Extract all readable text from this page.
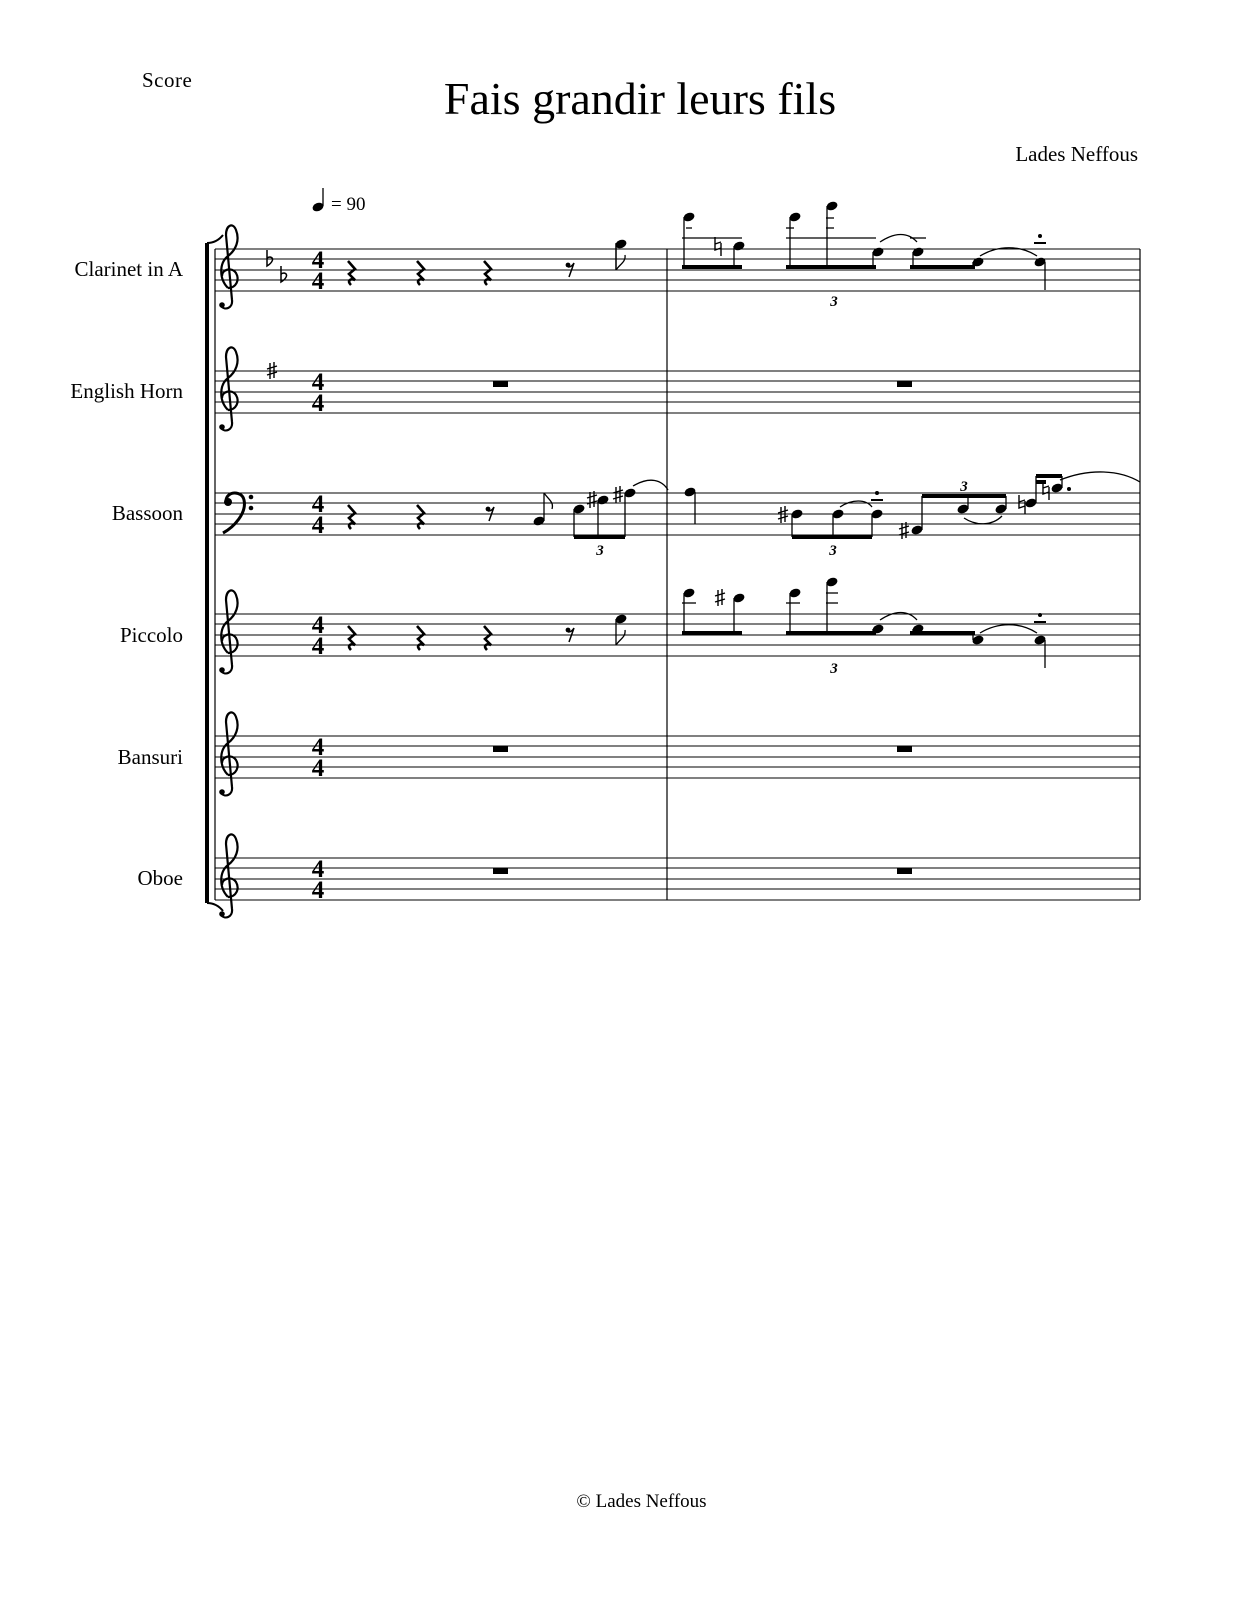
Score	Fais grandir leurs fils
Lades Neffous
Clarinet in A
English Horn
Bassoon
Piccolo
Bansuri
Oboe
4
4
4
4
4
4
4
4
4
4
4
4
= 90
3
3	3
3
3
© Lades Neffous
